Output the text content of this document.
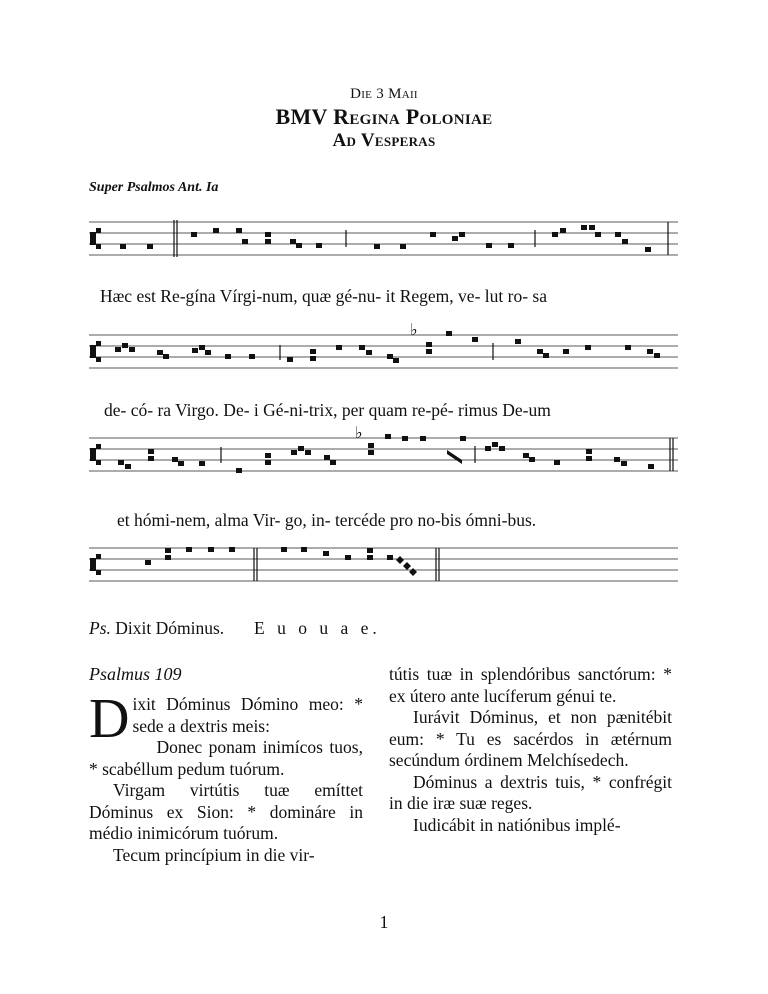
Die 3 Maii
BMV Regina Poloniae
Ad Vesperas
Super Psalmos Ant. Ia
Hæc est Re-gína Vírgi-num, quæ gé-nu- it Regem, ve- lut ro- sa
♭
de- có- ra Virgo. De- i Gé-ni-trix, per quam re-pé- rimus De-um
♭
et hómi-nem, alma Vir- go, in- tercéde pro no-bis ómni-bus.
Ps. Dixit Dóminus. E u o u a e.
Psalmus 109

Dixit Dóminus Dómino meo: * sede a dextris meis:

Donec ponam inimícos tuos, * scabéllum pedum tuórum.

Virgam virtútis tuæ emíttet Dóminus ex Sion: * domináre in médio inimicórum tuórum.

Tecum princípium in die vir-

tútis tuæ in splendóribus sanctórum: * ex útero ante lucíferum génui te.

Iurávit Dóminus, et non pænitébit eum: * Tu es sacérdos in ætérnum secúndum órdinem Melchísedech.

Dóminus a dextris tuis, * confrégit in die iræ suæ reges.

Iudicábit in natiónibus implé-

1
